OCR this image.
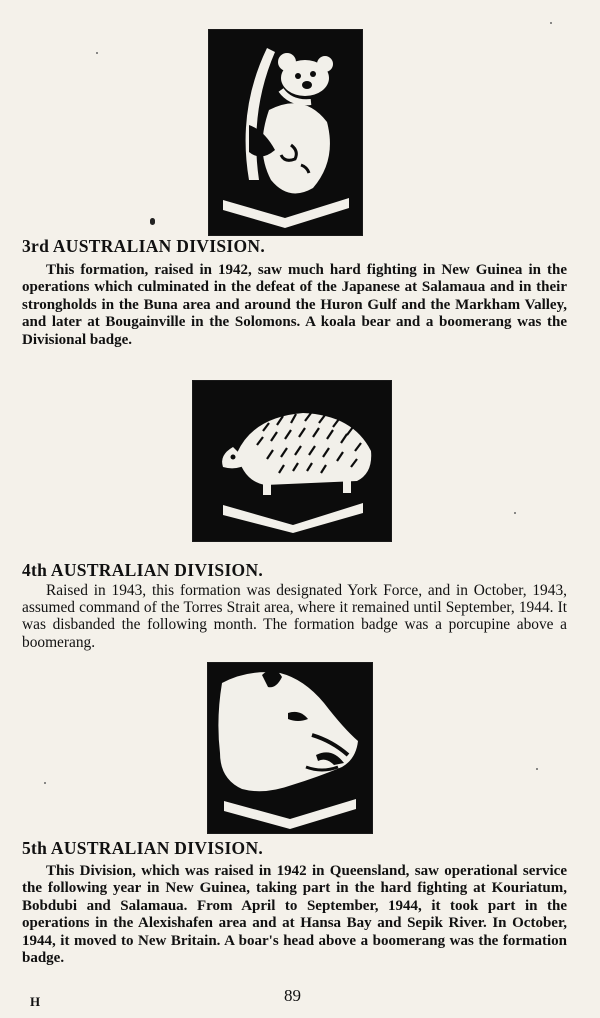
3rd AUSTRALIAN DIVISION.

This formation, raised in 1942, saw much hard fighting in New Guinea in the operations which culminated in the defeat of the Japanese at Salamaua and in their strongholds in the Buna area and around the Huron Gulf and the Markham Valley, and later at Bougainville in the Solomons. A koala bear and a boomerang was the Divisional badge.

4th AUSTRALIAN DIVISION.

Raised in 1943, this formation was designated York Force, and in October, 1943, assumed command of the Torres Strait area, where it remained until September, 1944. It was disbanded the following month. The formation badge was a porcupine above a boomerang.

5th AUSTRALIAN DIVISION.

This Division, which was raised in 1942 in Queensland, saw operational service the following year in New Guinea, taking part in the hard fighting at Kouriatum, Bobdubi and Salamaua. From April to September, 1944, it took part in the operations in the Alexishafen area and at Hansa Bay and Sepik River. In October, 1944, it moved to New Britain. A boar's head above a boomerang was the formation badge.

H	89
